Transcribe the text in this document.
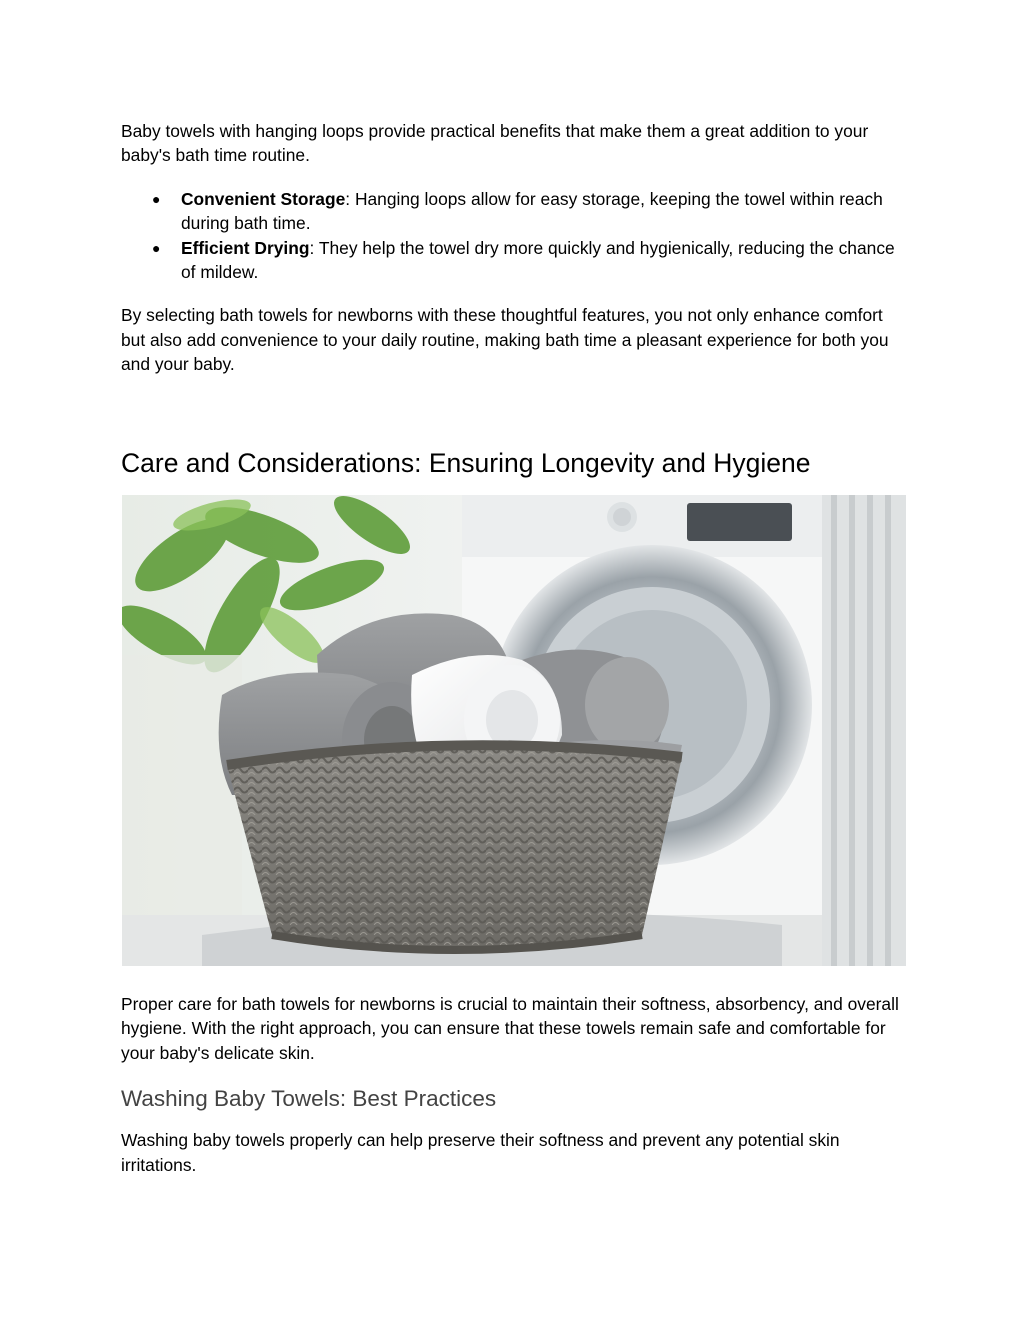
Baby towels with hanging loops provide practical benefits that make them a great addition to your baby's bath time routine.

● Convenient Storage: Hanging loops allow for easy storage, keeping the towel within reach during bath time.
● Efficient Drying: They help the towel dry more quickly and hygienically, reducing the chance of mildew.

By selecting bath towels for newborns with these thoughtful features, you not only enhance comfort but also add convenience to your daily routine, making bath time a pleasant experience for both you and your baby.

Care and Considerations: Ensuring Longevity and Hygiene

Proper care for bath towels for newborns is crucial to maintain their softness, absorbency, and overall hygiene. With the right approach, you can ensure that these towels remain safe and comfortable for your baby's delicate skin.

Washing Baby Towels: Best Practices

Washing baby towels properly can help preserve their softness and prevent any potential skin irritations.
